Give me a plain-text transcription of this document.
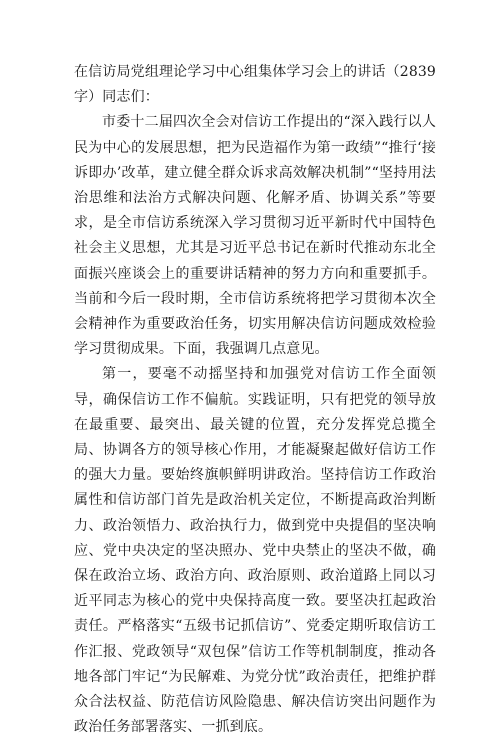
在信访局党组理论学习中心组集体学习会上的讲话（2839字）同志们：

市委十二届四次全会对信访工作提出的“深入践行以人民为中心的发展思想，把为民造福作为第一政绩”“推行‘接诉即办’改革，建立健全群众诉求高效解决机制”“坚持用法治思维和法治方式解决问题、化解矛盾、协调关系”等要求，是全市信访系统深入学习贯彻习近平新时代中国特色社会主义思想，尤其是习近平总书记在新时代推动东北全面振兴座谈会上的重要讲话精神的努力方向和重要抓手。当前和今后一段时期，全市信访系统将把学习贯彻本次全会精神作为重要政治任务，切实用解决信访问题成效检验学习贯彻成果。下面，我强调几点意见。

第一，要毫不动摇坚持和加强党对信访工作全面领导，确保信访工作不偏航。实践证明，只有把党的领导放在最重要、最突出、最关键的位置，充分发挥党总揽全局、协调各方的领导核心作用，才能凝聚起做好信访工作的强大力量。要始终旗帜鲜明讲政治。坚持信访工作政治属性和信访部门首先是政治机关定位，不断提高政治判断力、政治领悟力、政治执行力，做到党中央提倡的坚决响应、党中央决定的坚决照办、党中央禁止的坚决不做，确保在政治立场、政治方向、政治原则、政治道路上同以习近平同志为核心的党中央保持高度一致。要坚决扛起政治责任。严格落实“五级书记抓信访”、党委定期听取信访工作汇报、党政领导“双包保”信访工作等机制制度，推动各地各部门牢记“为民解难、为党分忧”政治责任，把维护群众合法权益、防范信访风险隐患、解决信访突出问题作为政治任务部署落实、一抓到底。
